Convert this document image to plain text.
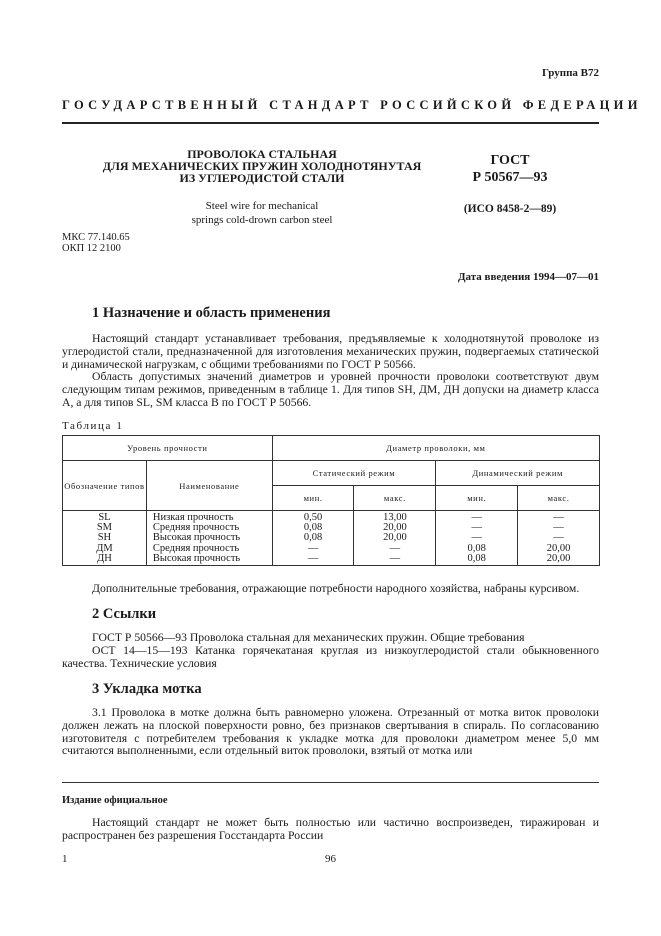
Группа В72
ГОСУДАРСТВЕННЫЙ СТАНДАРТ РОССИЙСКОЙ ФЕДЕРАЦИИ
ПРОВОЛОКА СТАЛЬНАЯ
ДЛЯ МЕХАНИЧЕСКИХ ПРУЖИН ХОЛОДНОТЯНУТАЯ
ИЗ УГЛЕРОДИСТОЙ СТАЛИ
Steel wire for mechanical
springs cold-drown carbon steel
ГОСТ
Р 50567—93
(ИСО 8458-2—89)
МКС 77.140.65
ОКП 12 2100
Дата введения 1994—07—01
1 Назначение и область применения

Настоящий стандарт устанавливает требования, предъявляемые к холоднотянутой проволоке из углеродистой стали, предназначенной для изготовления механических пружин, подвергаемых статической и динамической нагрузкам, с общими требованиями по ГОСТ Р 50566.

Область допустимых значений диаметров и уровней прочности проволоки соответствуют двум следующим типам режимов, приведенным в таблице 1. Для типов SH, ДМ, ДН допуски на диаметр класса А, а для типов SL, SM класса В по ГОСТ Р 50566.

Таблица 1
Уровень прочности		Диаметр проволоки, мм			
Обозначение типов	Наименование	Статический режим		Динамический режим	
		мин.	макс.	мин.	макс.
SL	Низкая прочность	0,50	13,00	—	—
SM	Средняя прочность	0,08	20,00	—	—
SH	Высокая прочность	0,08	20,00	—	—
ДМ	Средняя прочность	—	—	0,08	20,00
ДН	Высокая прочность	—	—	0,08	20,00

Дополнительные требования, отражающие потребности народного хозяйства, набраны курсивом.

2 Ссылки

ГОСТ Р 50566—93 Проволока стальная для механических пружин. Общие требования

ОСТ 14—15—193 Катанка горячекатаная круглая из низкоуглеродистой стали обыкновенного качества. Технические условия

3 Укладка мотка

3.1 Проволока в мотке должна быть равномерно уложена. Отрезанный от мотка виток проволоки должен лежать на плоской поверхности ровно, без признаков свертывания в спираль. По согласованию изготовителя с потребителем требования к укладке мотка для проволоки диаметром менее 5,0 мм считаются выполненными, если отдельный виток проволоки, взятый от мотка или

Издание официальное

Настоящий стандарт не может быть полностью или частично воспроизведен, тиражирован и распространен без разрешения Госстандарта России

1	96
